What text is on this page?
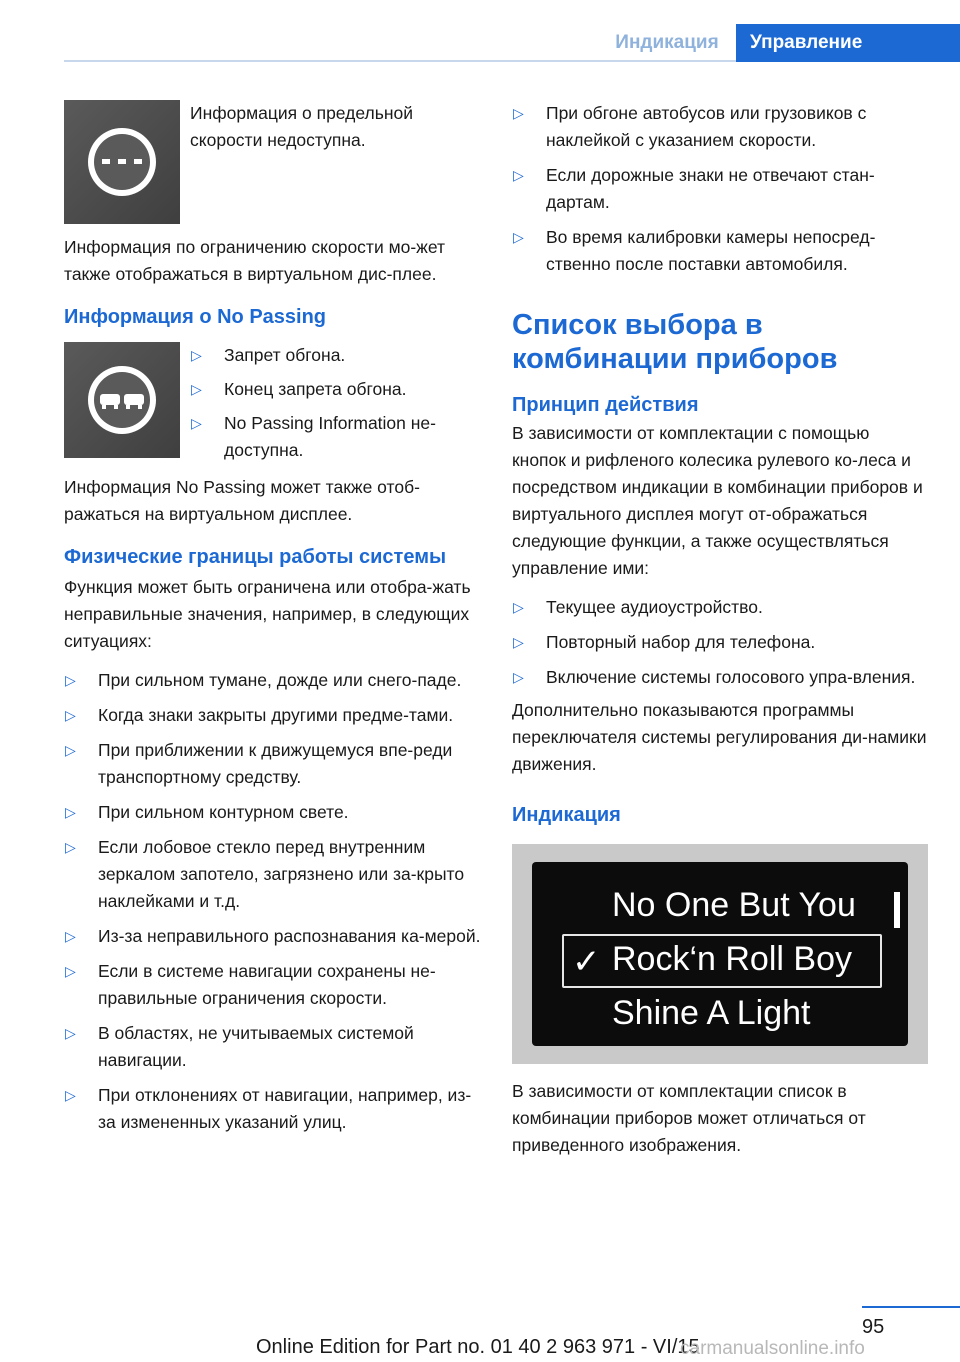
Индикация	Управление

Информация о предельной скорости недоступна.

Информация по ограничению скорости мо-жет также отображаться в виртуальном дис-плее.

Информация о No Passing
▷ Запрет обгона.
▷ Конец запрета обгона.
▷ No Passing Information не-доступна.

Информация No Passing может также отоб-ражаться на виртуальном дисплее.

Физические границы работы системы

Функция может быть ограничена или отобра-жать неправильные значения, например, в следующих ситуациях:

▷ При сильном тумане, дожде или снего-паде.
▷ Когда знаки закрыты другими предме-тами.
▷ При приближении к движущемуся впе-реди транспортному средству.
▷ При сильном контурном свете.
▷ Если лобовое стекло перед внутренним зеркалом запотело, загрязнено или за-крыто наклейками и т.д.
▷ Из-за неправильного распознавания ка-мерой.
▷ Если в системе навигации сохранены не-правильные ограничения скорости.
▷ В областях, не учитываемых системой навигации.
▷ При отклонениях от навигации, например, из-за измененных указаний улиц.
▷ При обгоне автобусов или грузовиков с наклейкой с указанием скорости.
▷ Если дорожные знаки не отвечают стан-дартам.
▷ Во время калибровки камеры непосред-ственно после поставки автомобиля.
Список выбора в комбинации приборов
Принцип действия

В зависимости от комплектации с помощью кнопок и рифленого колесика рулевого ко-леса и посредством индикации в комбинации приборов и виртуального дисплея могут от-ображаться следующие функции, а также осуществляться управление ими:

▷ Текущее аудиоустройство.
▷ Повторный набор для телефона.
▷ Включение системы голосового упра-вления.

Дополнительно показываются программы переключателя системы регулирования ди-намики движения.

Индикация
No One But You
✓ Rock‘n Roll Boy
Shine A Light

В зависимости от комплектации список в комбинации приборов может отличаться от приведенного изображения.

95
Online Edition for Part no. 01 40 2 963 971 - VI/15
carmanualsonline.info
